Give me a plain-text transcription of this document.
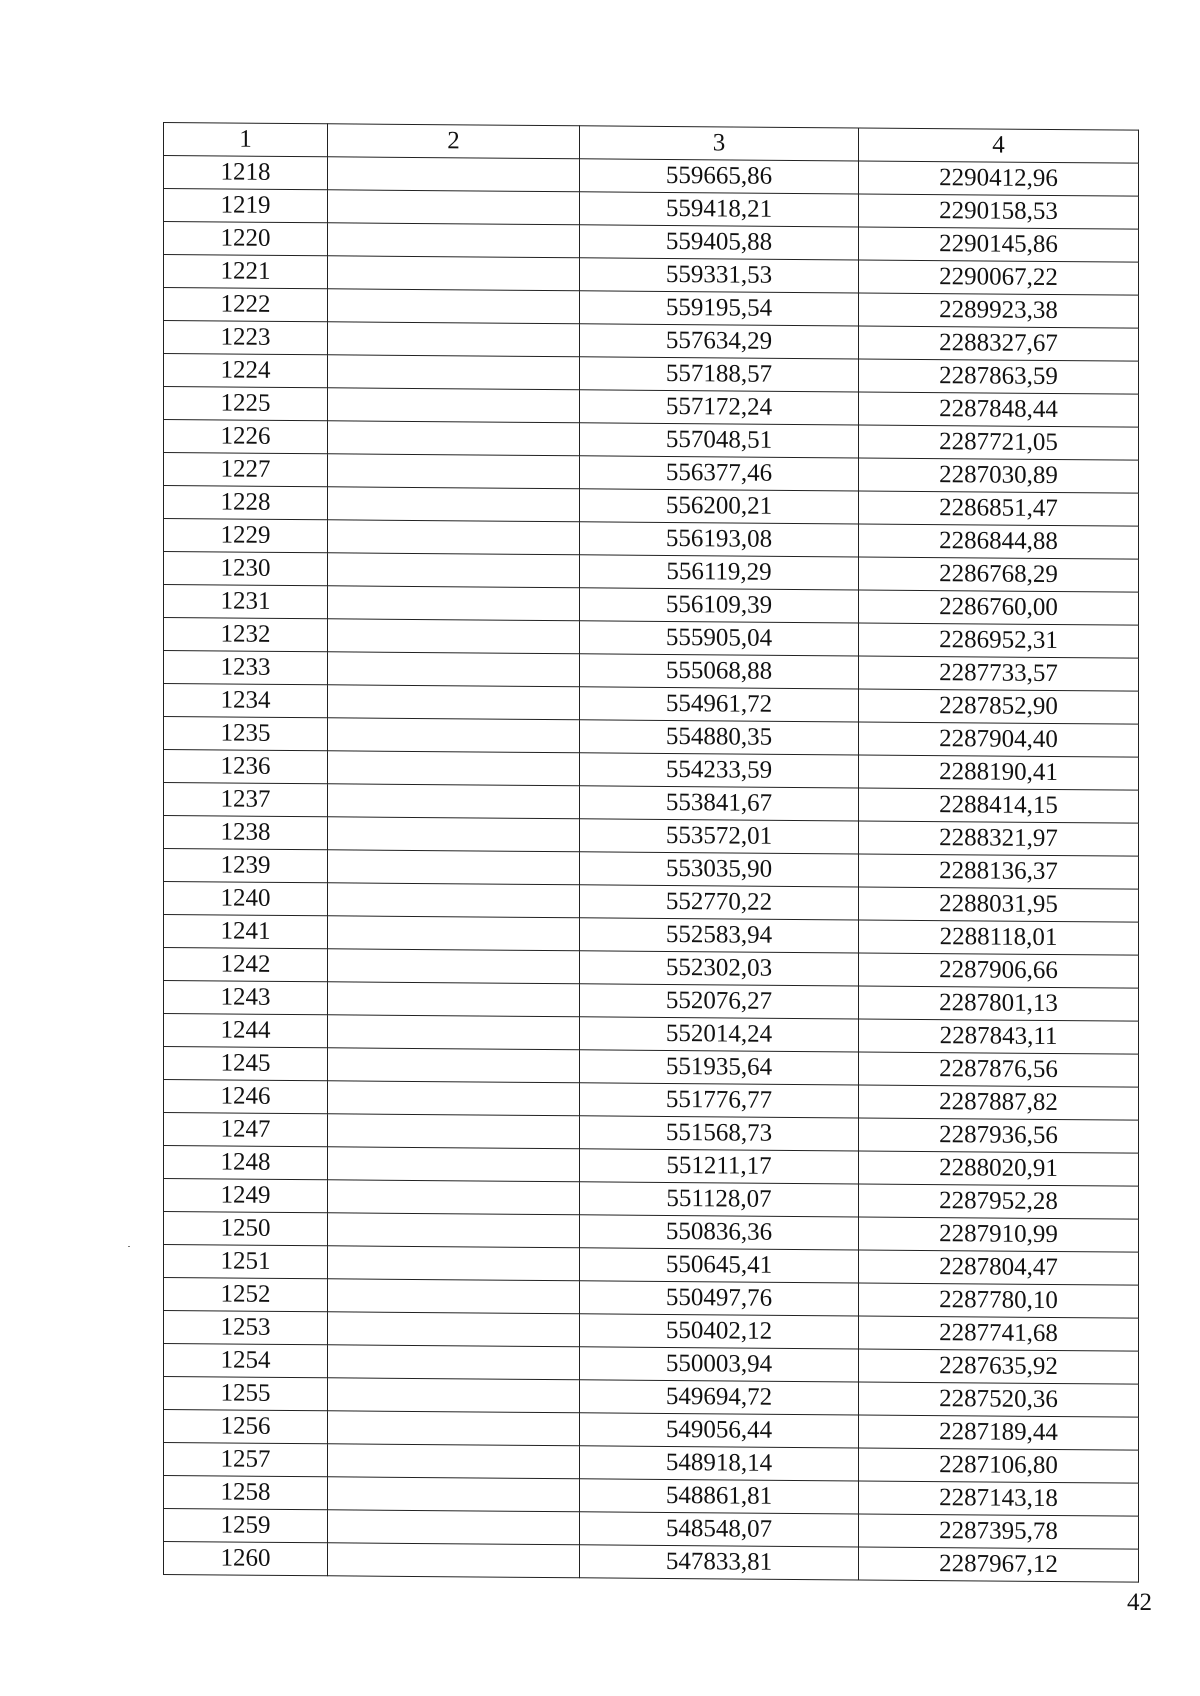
1	2	3	4
1218		559665,86	2290412,96
1219		559418,21	2290158,53
1220		559405,88	2290145,86
1221		559331,53	2290067,22
1222		559195,54	2289923,38
1223		557634,29	2288327,67
1224		557188,57	2287863,59
1225		557172,24	2287848,44
1226		557048,51	2287721,05
1227		556377,46	2287030,89
1228		556200,21	2286851,47
1229		556193,08	2286844,88
1230		556119,29	2286768,29
1231		556109,39	2286760,00
1232		555905,04	2286952,31
1233		555068,88	2287733,57
1234		554961,72	2287852,90
1235		554880,35	2287904,40
1236		554233,59	2288190,41
1237		553841,67	2288414,15
1238		553572,01	2288321,97
1239		553035,90	2288136,37
1240		552770,22	2288031,95
1241		552583,94	2288118,01
1242		552302,03	2287906,66
1243		552076,27	2287801,13
1244		552014,24	2287843,11
1245		551935,64	2287876,56
1246		551776,77	2287887,82
1247		551568,73	2287936,56
1248		551211,17	2288020,91
1249		551128,07	2287952,28
1250		550836,36	2287910,99
1251		550645,41	2287804,47
1252		550497,76	2287780,10
1253		550402,12	2287741,68
1254		550003,94	2287635,92
1255		549694,72	2287520,36
1256		549056,44	2287189,44
1257		548918,14	2287106,80
1258		548861,81	2287143,18
1259		548548,07	2287395,78
1260		547833,81	2287967,12
42
